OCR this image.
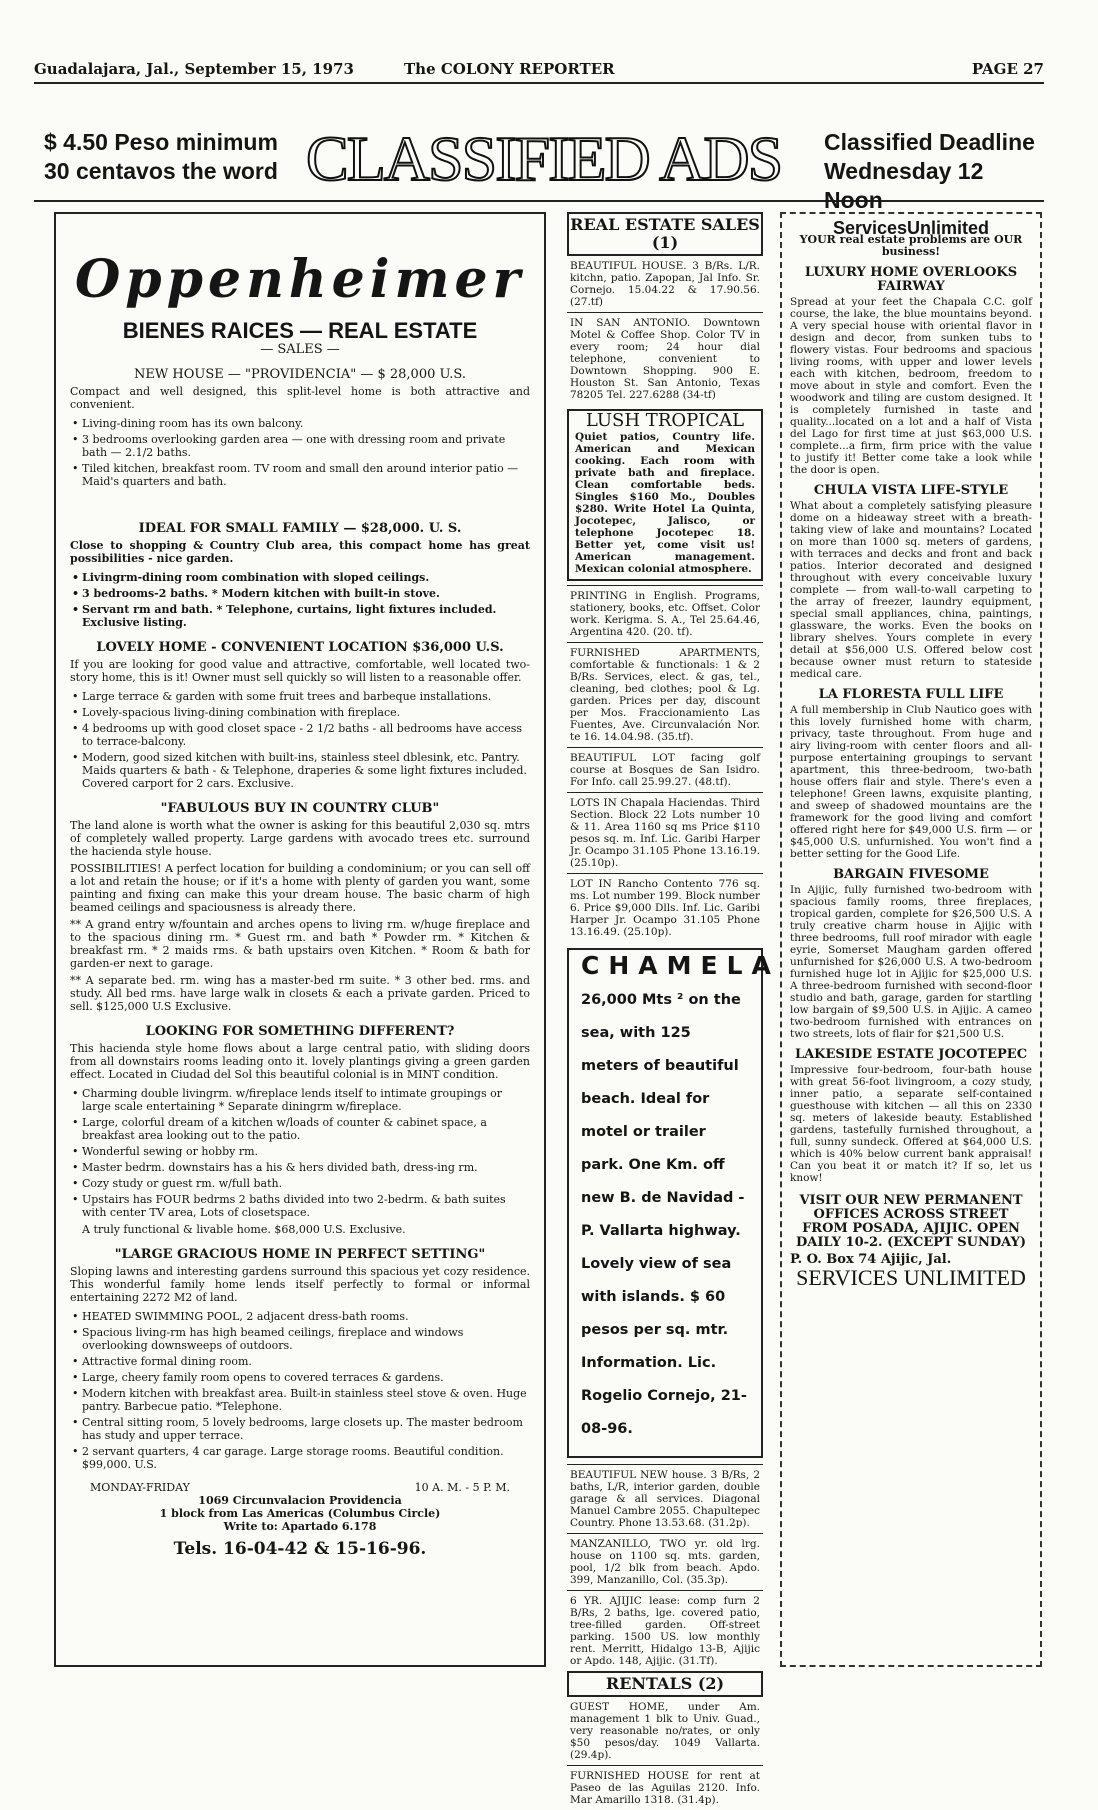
Guadalajara, Jal., September 15, 1973	The COLONY REPORTER	PAGE 27
$ 4.50 Peso minimum
30 centavos the word CLASSIFIED ADS Classified Deadline
Wednesday 12 Noon
Oppenheimer
BIENES RAICES — REAL ESTATE
— SALES —
NEW HOUSE — "PROVIDENCIA" — $ 28,000 U.S.

Compact and well designed, this split-level home is both attractive and convenient.

• Living-dining room has its own balcony.
• 3 bedrooms overlooking garden area — one with dressing room and private bath — 2.1/2 baths.
• Tiled kitchen, breakfast room. TV room and small den around interior patio — Maid's quarters and bath.
IDEAL FOR SMALL FAMILY — $28,000. U. S.

Close to shopping & Country Club area, this compact home has great possibilities - nice garden.

• Livingrm-dining room combination with sloped ceilings.
• 3 bedrooms-2 baths. * Modern kitchen with built-in stove.
• Servant rm and bath. * Telephone, curtains, light fixtures included. Exclusive listing.
LOVELY HOME - CONVENIENT LOCATION $36,000 U.S.

If you are looking for good value and attractive, comfortable, well located two-story home, this is it! Owner must sell quickly so will listen to a reasonable offer.

• Large terrace & garden with some fruit trees and barbeque installations.
• Lovely-spacious living-dining combination with fireplace.
• 4 bedrooms up with good closet space - 2 1/2 baths - all bedrooms have access to terrace-balcony.
• Modern, good sized kitchen with built-ins, stainless steel dblesink, etc. Pantry. Maids quarters & bath - & Telephone, draperies & some light fixtures included. Covered carport for 2 cars. Exclusive.
"FABULOUS BUY IN COUNTRY CLUB"

The land alone is worth what the owner is asking for this beautiful 2,030 sq. mtrs of completely walled property. Large gardens with avocado trees etc. surround the hacienda style house.

POSSIBILITIES! A perfect location for building a condominium; or you can sell off a lot and retain the house; or if it's a home with plenty of garden you want, some painting and fixing can make this your dream house. The basic charm of high beamed ceilings and spaciousness is already there.

** A grand entry w/fountain and arches opens to living rm. w/huge fireplace and to the spacious dining rm. * Guest rm. and bath * Powder rm. * Kitchen & breakfast rm. * 2 maids rms. & bath upstairs oven Kitchen. * Room & bath for garden-er next to garage.

** A separate bed. rm. wing has a master-bed rm suite. * 3 other bed. rms. and study. All bed rms. have large walk in closets & each a private garden. Priced to sell. $125,000 U.S Exclusive.

LOOKING FOR SOMETHING DIFFERENT?

This hacienda style home flows about a large central patio, with sliding doors from all downstairs rooms leading onto it. lovely plantings giving a green garden effect. Located in Ciudad del Sol this beautiful colonial is in MINT condition.

• Charming double livingrm. w/fireplace lends itself to intimate groupings or large scale entertaining * Separate diningrm w/fireplace.
• Large, colorful dream of a kitchen w/loads of counter & cabinet space, a breakfast area looking out to the patio.
• Wonderful sewing or hobby rm.
• Master bedrm. downstairs has a his & hers divided bath, dress-ing rm.
• Cozy study or guest rm. w/full bath.
• Upstairs has FOUR bedrms 2 baths divided into two 2-bedrm. & bath suites with center TV area, Lots of closetspace.

A truly functional & livable home. $68,000 U.S. Exclusive.

"LARGE GRACIOUS HOME IN PERFECT SETTING"

Sloping lawns and interesting gardens surround this spacious yet cozy residence. This wonderful family home lends itself perfectly to formal or informal entertaining 2272 M2 of land.

• HEATED SWIMMING POOL, 2 adjacent dress-bath rooms.
• Spacious living-rm has high beamed ceilings, fireplace and windows overlooking downsweeps of outdoors.
• Attractive formal dining room.
• Large, cheery family room opens to covered terraces & gardens.
• Modern kitchen with breakfast area. Built-in stainless steel stove & oven. Huge pantry. Barbecue patio. *Telephone.
• Central sitting room, 5 lovely bedrooms, large closets up. The master bedroom has study and upper terrace.
• 2 servant quarters, 4 car garage. Large storage rooms. Beautiful condition. $99,000. U.S.
MONDAY-FRIDAY	10 A. M. - 5 P. M.
1069 Circunvalacion Providencia
1 block from Las Americas (Columbus Circle)
Write to: Apartado 6.178
Tels. 16-04-42 & 15-16-96.
REAL ESTATE SALES
(1)
BEAUTIFUL HOUSE. 3 B/Rs. L/R. kitchn, patio. Zapopan, Jal Info. Sr. Cornejo. 15.04.22 & 17.90.56. (27.tf)
IN SAN ANTONIO. Downtown Motel & Coffee Shop. Color TV in every room; 24 hour dial telephone, convenient to Downtown Shopping. 900 E. Houston St. San Antonio, Texas 78205 Tel. 227.6288 (34-tf)
LUSH TROPICAL
Quiet patios, Country life. American and Mexican cooking. Each room with private bath and fireplace. Clean comfortable beds. Singles $160 Mo., Doubles $280. Write Hotel La Quinta, Jocotepec, Jalisco, or telephone Jocotepec 18. Better yet, come visit us! American management. Mexican colonial atmosphere.
PRINTING in English. Programs, stationery, books, etc. Offset. Color work. Kerigma. S. A., Tel 25.64.46, Argentina 420. (20. tf).
FURNISHED APARTMENTS, comfortable & functionals: 1 & 2 B/Rs. Services, elect. & gas, tel., cleaning, bed clothes; pool & Lg. garden. Prices per day, discount per Mos. Fraccionamiento Las Fuentes, Ave. Circunvalación Nor. te 16. 14.04.98. (35.tf).
BEAUTIFUL LOT facing golf course at Bosques de San Isidro. For Info. call 25.99.27. (48.tf).
LOTS IN Chapala Haciendas. Third Section. Block 22 Lots number 10 & 11. Area 1160 sq ms Price $110 pesos sq. m. Inf. Lic. Garibi Harper Jr. Ocampo 31.105 Phone 13.16.19. (25.10p).
LOT IN Rancho Contento 776 sq. ms. Lot number 199. Block number 6. Price $9,000 Dlls. Inf. Lic. Garibi Harper Jr. Ocampo 31.105 Phone 13.16.49. (25.10p).
CHAMELA
26,000 Mts ² on the sea, with 125 meters of beautiful beach. Ideal for motel or trailer park. One Km. off new B. de Navidad - P. Vallarta highway. Lovely view of sea with islands. $ 60 pesos per sq. mtr. Information. Lic. Rogelio Cornejo, 21-08-96.
BEAUTIFUL NEW house. 3 B/Rs, 2 baths, L/R, interior garden, double garage & all services. Diagonal Manuel Cambre 2055. Chapultepec Country. Phone 13.53.68. (31.2p).
MANZANILLO, TWO yr. old lrg. house on 1100 sq. mts. garden, pool, 1/2 blk from beach. Apdo. 399, Manzanillo, Col. (35.3p).
6 YR. AJIJIC lease: comp furn 2 B/Rs, 2 baths, lge. covered patio, tree-filled garden. Off-street parking. 1500 US. low monthly rent. Merritt, Hidalgo 13-B, Ajijic or Apdo. 148, Ajijic. (31.Tf).
RENTALS (2)
GUEST HOME, under Am. management 1 blk to Univ. Guad., very reasonable no/rates, or only $50 pesos/day. 1049 Vallarta. (29.4p).
FURNISHED HOUSE for rent at Paseo de las Aguilas 2120. Info. Mar Amarillo 1318. (31.4p).
ServicesUnlimited
YOUR real estate problems are OUR business!
LUXURY HOME OVERLOOKS FAIRWAY

Spread at your feet the Chapala C.C. golf course, the lake, the blue mountains beyond. A very special house with oriental flavor in design and decor, from sunken tubs to flowery vistas. Four bedrooms and spacious living rooms, with upper and lower levels each with kitchen, bedroom, freedom to move about in style and comfort. Even the woodwork and tiling are custom designed. It is completely furnished in taste and quality...located on a lot and a half of Vista del Lago for first time at just $63,000 U.S. complete...a firm, firm price with the value to justify it! Better come take a look while the door is open.

CHULA VISTA LIFE-STYLE

What about a completely satisfying pleasure dome on a hideaway street with a breath-taking view of lake and mountains? Located on more than 1000 sq. meters of gardens, with terraces and decks and front and back patios. Interior decorated and designed throughout with every conceivable luxury complete — from wall-to-wall carpeting to the array of freezer, laundry equipment, special small appliances, china, paintings, glassware, the works. Even the books on library shelves. Yours complete in every detail at $56,000 U.S. Offered below cost because owner must return to stateside medical care.

LA FLORESTA FULL LIFE

A full membership in Club Nautico goes with this lovely furnished home with charm, privacy, taste throughout. From huge and airy living-room with center floors and all-purpose entertaining groupings to servant apartment, this three-bedroom, two-bath house offers flair and style. There's even a telephone! Green lawns, exquisite planting, and sweep of shadowed mountains are the framework for the good living and comfort offered right here for $49,000 U.S. firm — or $45,000 U.S. unfurnished. You won't find a better setting for the Good Life.

BARGAIN FIVESOME

In Ajijic, fully furnished two-bedroom with spacious family rooms, three fireplaces, tropical garden, complete for $26,500 U.S. A truly creative charm house in Ajijic with three bedrooms, full roof mirador with eagle eyrie, Somerset Maugham garden offered unfurnished for $26,000 U.S. A two-bedroom furnished huge lot in Ajijic for $25,000 U.S. A three-bedroom furnished with second-floor studio and bath, garage, garden for startling low bargain of $9,500 U.S. in Ajijic. A cameo two-bedroom furnished with entrances on two streets, lots of flair for $21,500 U.S.

LAKESIDE ESTATE JOCOTEPEC

Impressive four-bedroom, four-bath house with great 56-foot livingroom, a cozy study, inner patio, a separate self-contained guesthouse with kitchen — all this on 2330 sq. meters of lakeside beauty. Established gardens, tastefully furnished throughout, a full, sunny sundeck. Offered at $64,000 U.S. which is 40% below current bank appraisal! Can you beat it or match it? If so, let us know!

VISIT OUR NEW PERMANENT OFFICES ACROSS STREET FROM POSADA, AJIJIC. OPEN DAILY 10-2. (EXCEPT SUNDAY)
P. O. Box 74 Ajijic, Jal.
SERVICES UNLIMITED
